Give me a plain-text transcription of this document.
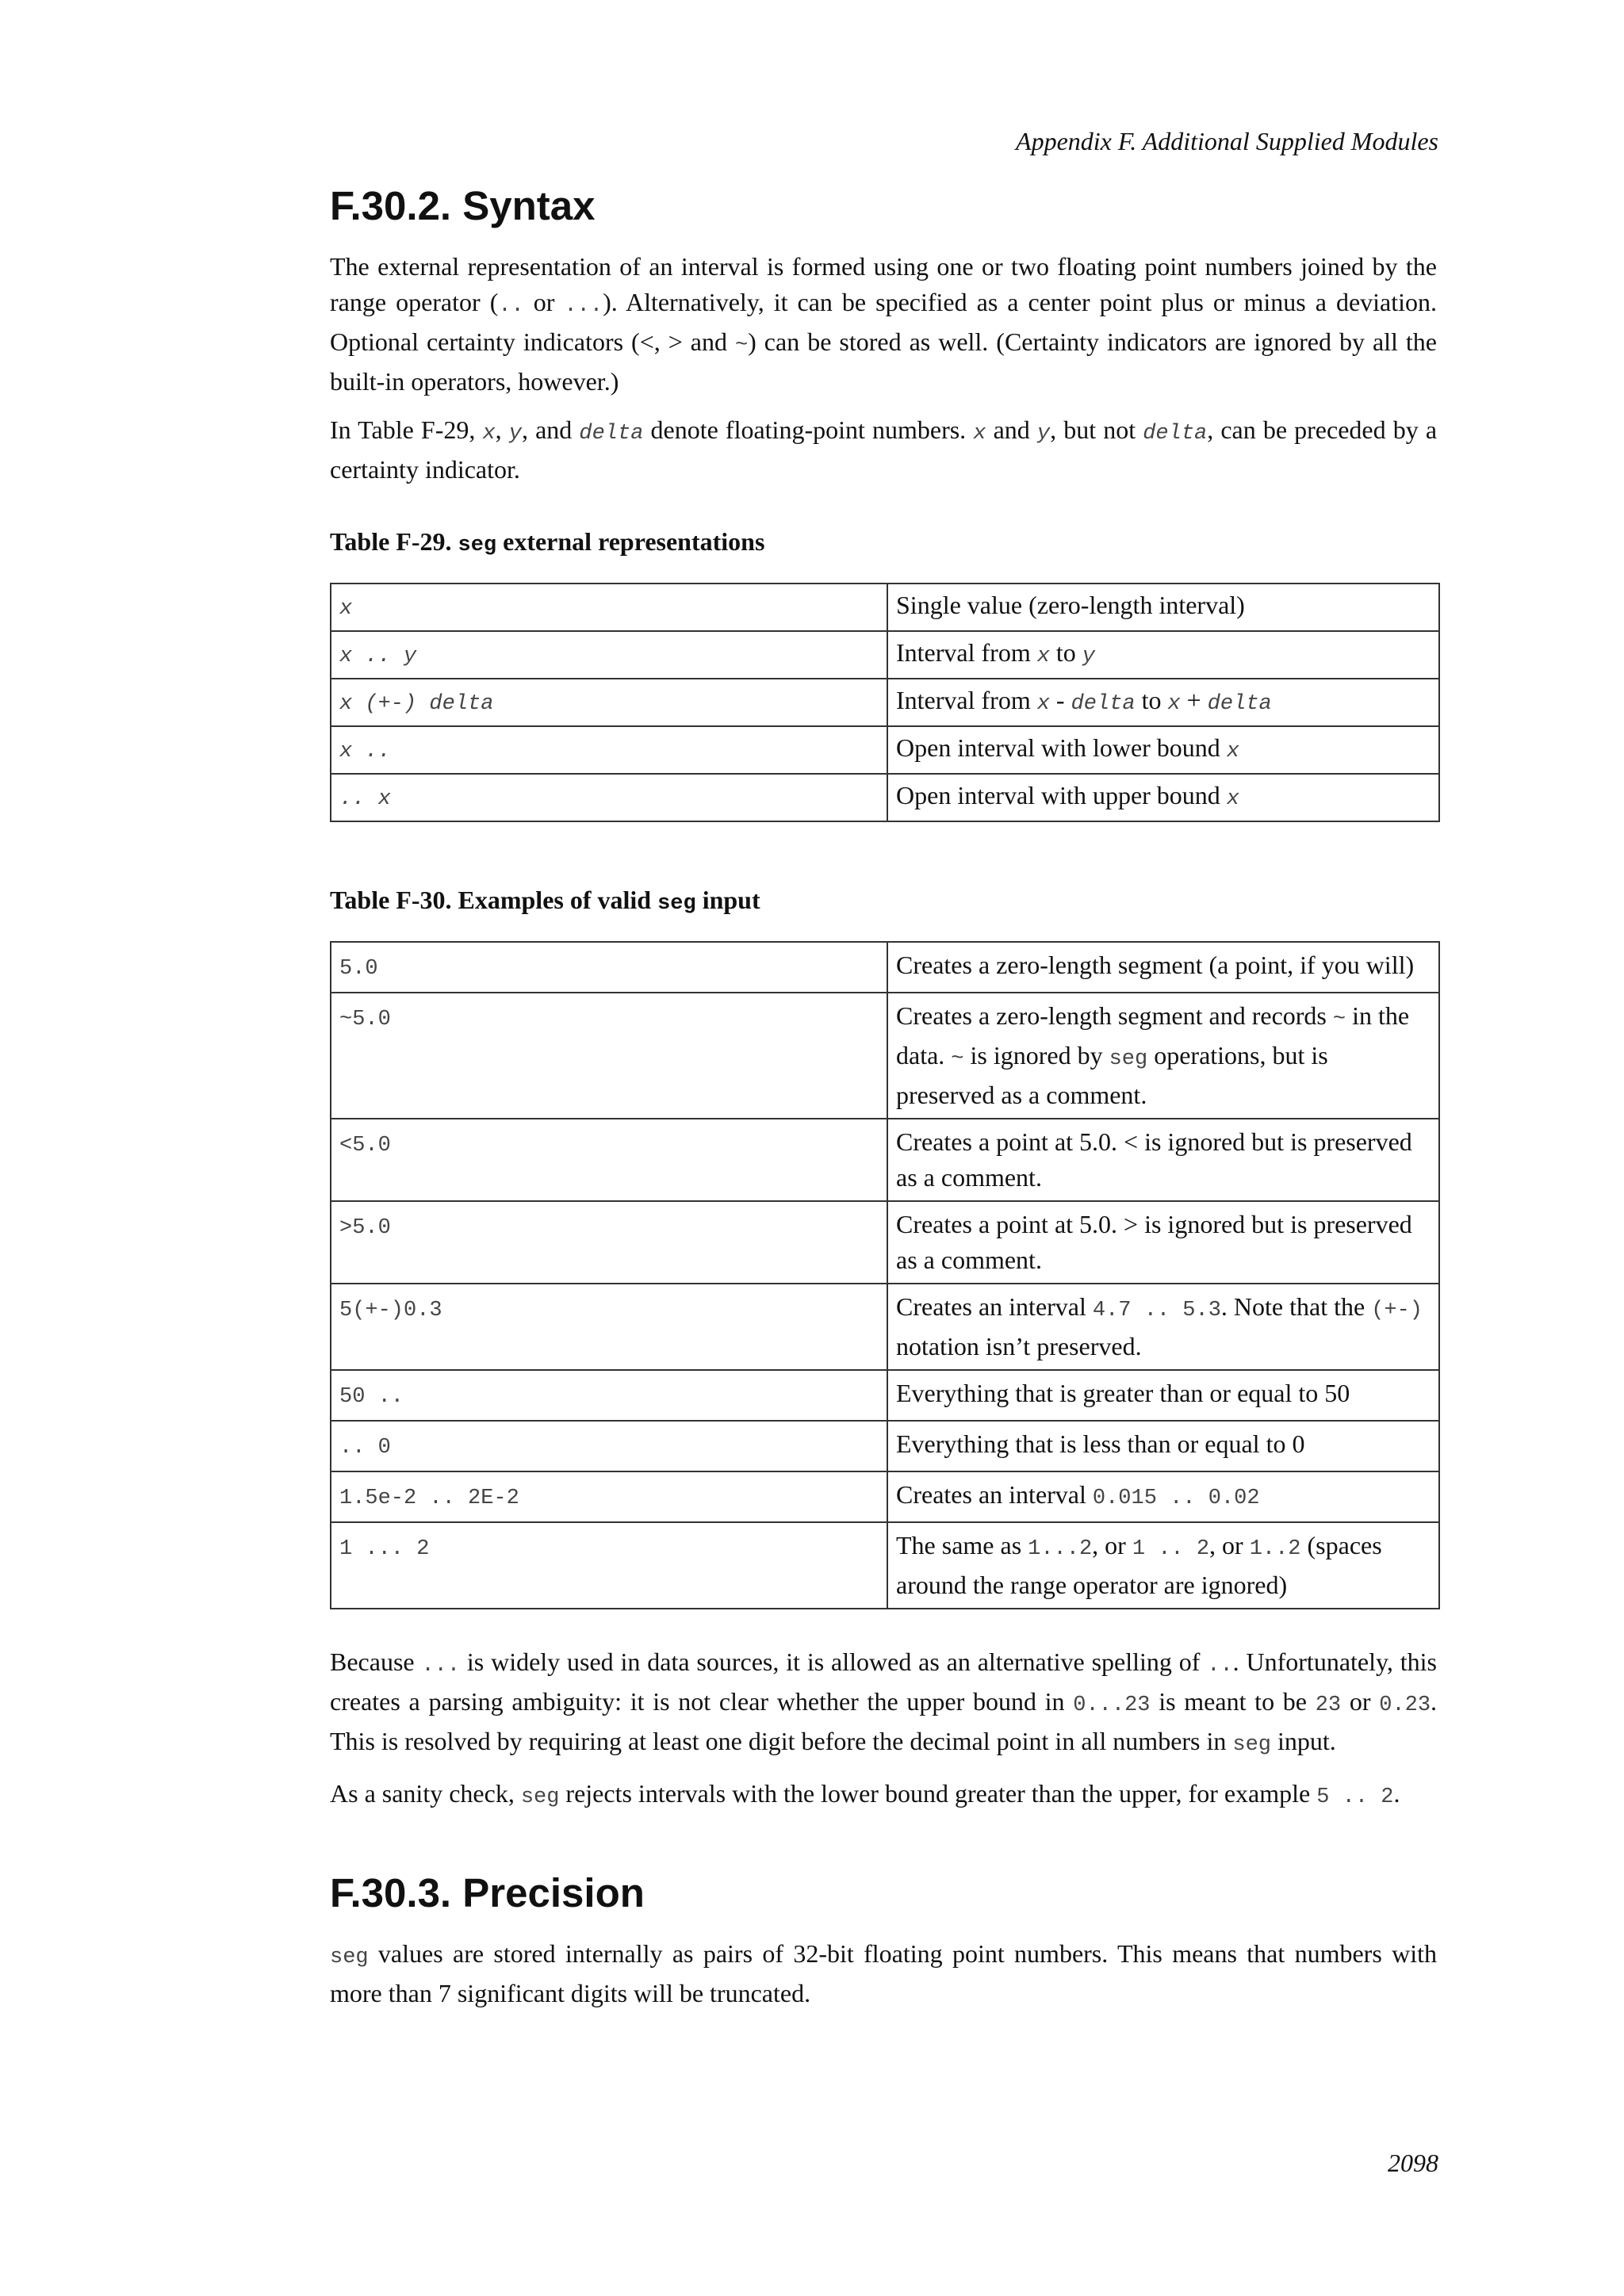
Appendix F. Additional Supplied Modules
F.30.2. Syntax

The external representation of an interval is formed using one or two floating point numbers joined by the range operator (.. or ...). Alternatively, it can be specified as a center point plus or minus a deviation. Optional certainty indicators (<, > and ~) can be stored as well. (Certainty indicators are ignored by all the built-in operators, however.)

In Table F-29, x, y, and delta denote floating-point numbers. x and y, but not delta, can be preceded by a certainty indicator.

Table F-29. seg external representations
x	Single value (zero-length interval)
x .. y	Interval from x to y
x (+-) delta	Interval from x - delta to x + delta
x ..	Open interval with lower bound x
.. x	Open interval with upper bound x
Table F-30. Examples of valid seg input
5.0	Creates a zero-length segment (a point, if you will)
~5.0	Creates a zero-length segment and records ~ in the data. ~ is ignored by seg operations, but is preserved as a comment.
<5.0	Creates a point at 5.0. < is ignored but is preserved as a comment.
>5.0	Creates a point at 5.0. > is ignored but is preserved as a comment.
5(+-)0.3	Creates an interval 4.7 .. 5.3. Note that the (+-) notation isn’t preserved.
50 ..	Everything that is greater than or equal to 50
.. 0	Everything that is less than or equal to 0
1.5e-2 .. 2E-2	Creates an interval 0.015 .. 0.02
1 ... 2	The same as 1...2, or 1 .. 2, or 1..2 (spaces around the range operator are ignored)

Because ... is widely used in data sources, it is allowed as an alternative spelling of ... Unfortunately, this creates a parsing ambiguity: it is not clear whether the upper bound in 0...23 is meant to be 23 or 0.23. This is resolved by requiring at least one digit before the decimal point in all numbers in seg input.

As a sanity check, seg rejects intervals with the lower bound greater than the upper, for example 5 .. 2.

F.30.3. Precision

seg values are stored internally as pairs of 32-bit floating point numbers. This means that numbers with more than 7 significant digits will be truncated.

2098
